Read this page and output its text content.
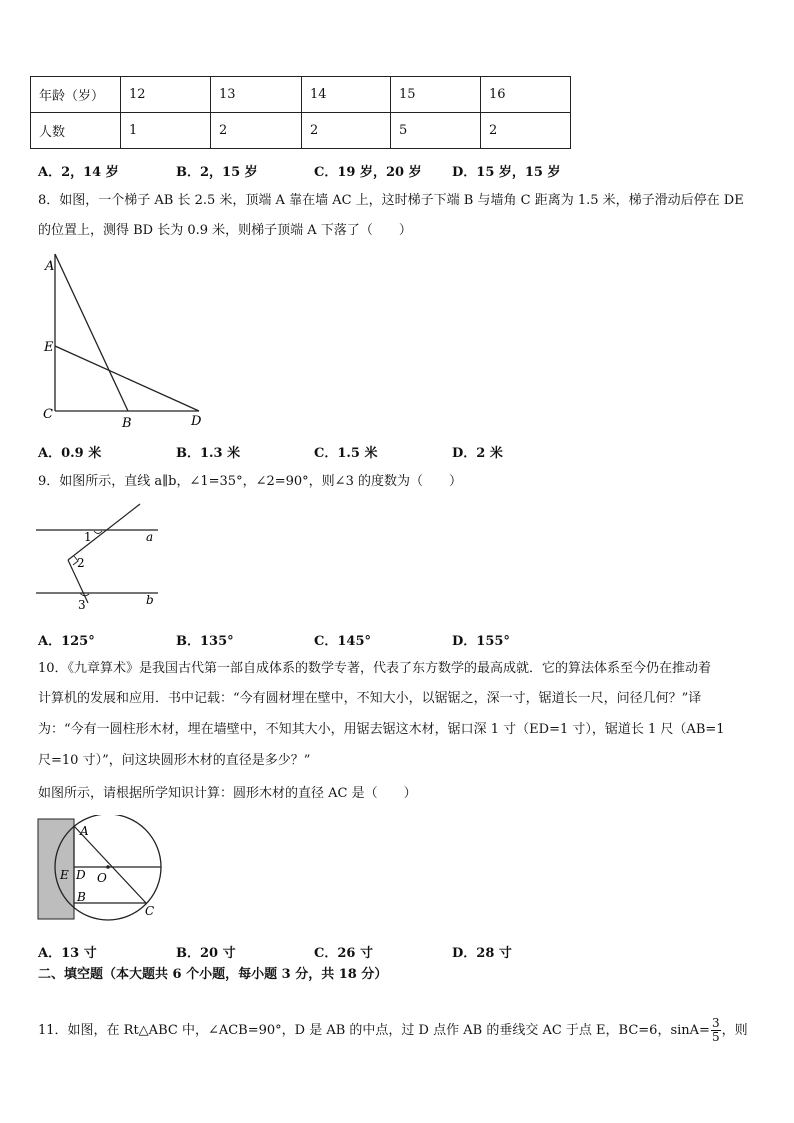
年龄（岁）	12	13	14	15	16
人数	1	2	2	5	2
A．2，14 岁	B．2，15 岁	C．19 岁，20 岁 D．15 岁，15 岁
8．如图，一个梯子 AB 长 2.5 米，顶端 A 靠在墙 AC 上，这时梯子下端 B 与墙角 C 距离为 1.5 米，梯子滑动后停在 DE
的位置上，测得 BD 长为 0.9 米，则梯子顶端 A 下落了（　　）
A
E
C
B	D
A．0.9 米	B．1.3 米	C．1.5 米	D．2 米
9．如图所示，直线 a∥b，∠1=35°，∠2=90°，则∠3 的度数为（　　）
1
2
3
a
b
A．125°	B．135°	C．145°	D．155°
10．《九章算术》是我国古代第一部自成体系的数学专著，代表了东方数学的最高成就．它的算法体系至今仍在推动着
计算机的发展和应用．书中记载：“今有圆材埋在壁中，不知大小，以锯锯之，深一寸，锯道长一尺，问径几何？”译
为：“今有一圆柱形木材，埋在墙壁中，不知其大小，用锯去锯这木材，锯口深 1 寸（ED=1 寸），锯道长 1 尺（AB=1
尺=10 寸）”，问这块圆形木材的直径是多少？”
如图所示，请根据所学知识计算：圆形木材的直径 AC 是（　　）
A
E D O
B
C
A．13 寸	B．20 寸	C．26 寸	D．28 寸
二、填空题（本大题共 6 个小题，每小题 3 分，共 18 分）
11．如图，在 Rt△ABC 中，∠ACB=90°，D 是 AB 的中点，过 D 点作 AB 的垂线交 AC 于点 E，BC=6，$\sin A= \frac{3}{5}$ ，则
